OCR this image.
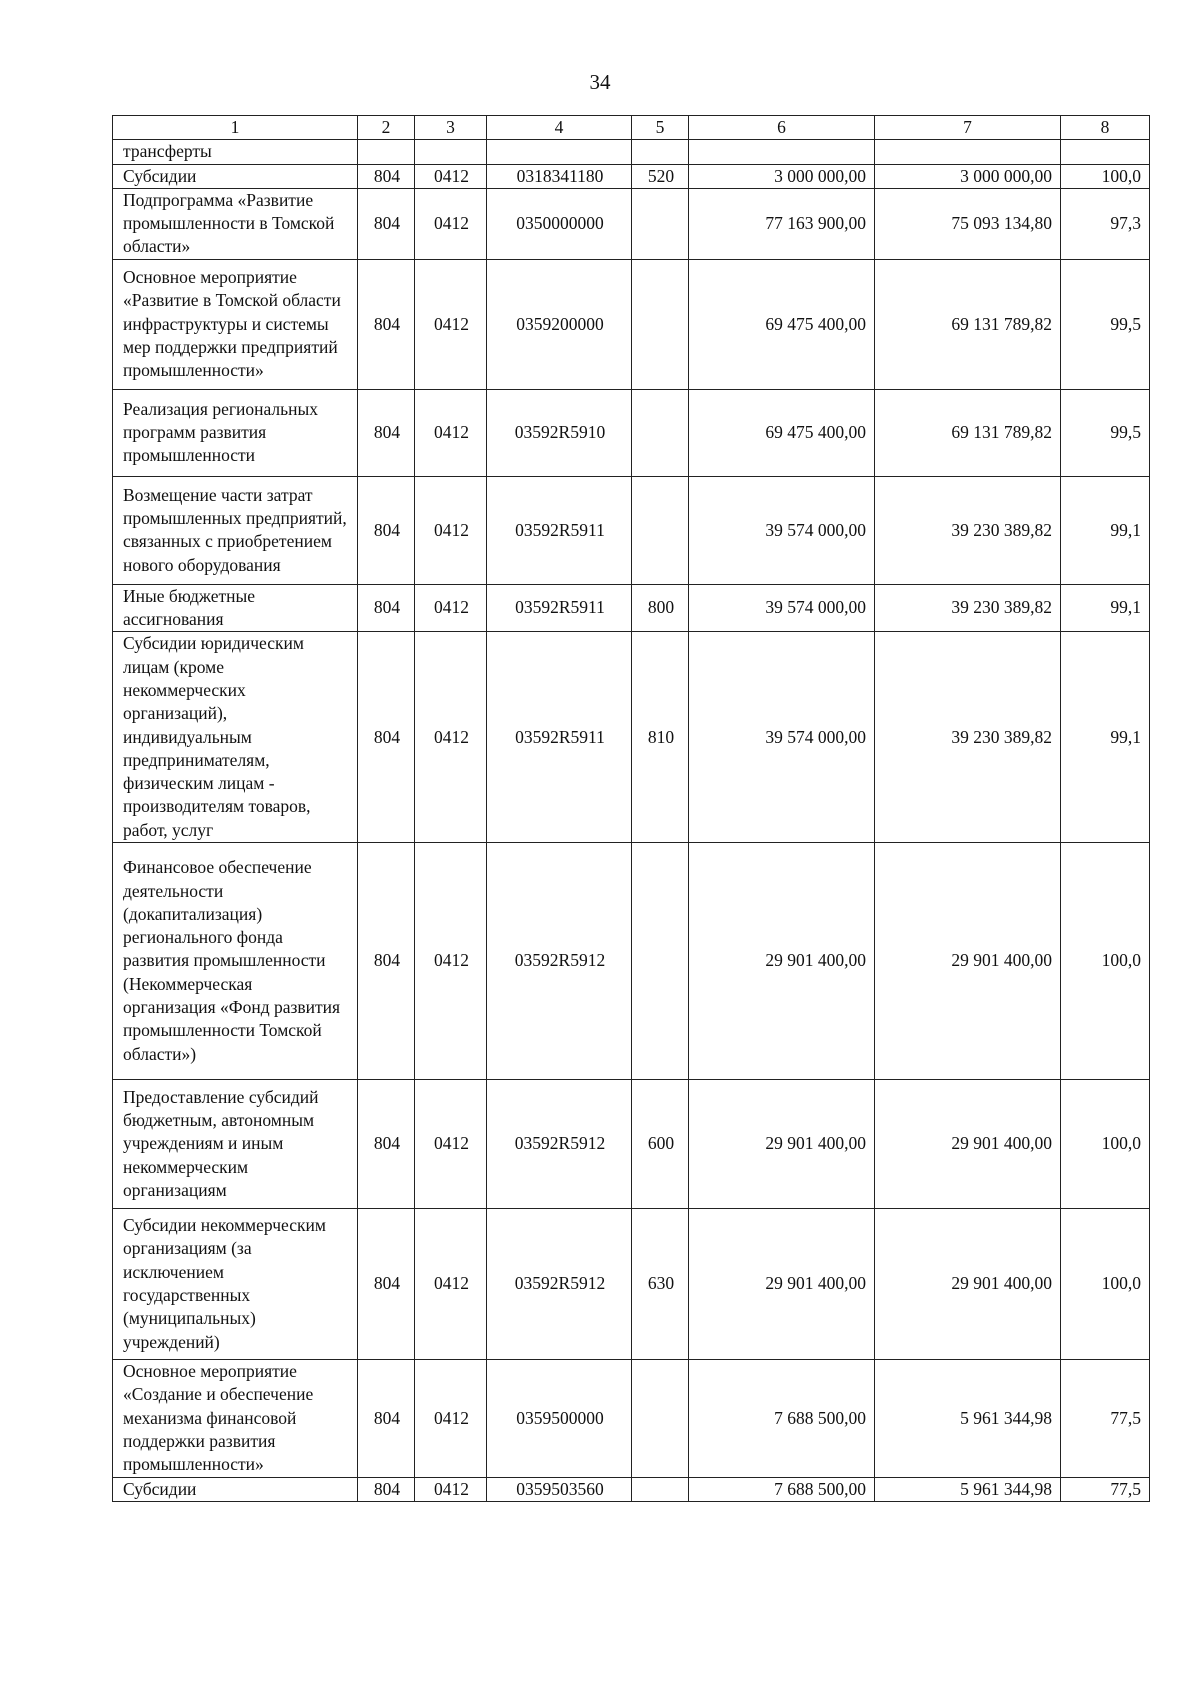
34
1	2	3	4	5	6	7	8
трансферты							
Субсидии	804	0412	0318341180	520	3 000 000,00	3 000 000,00	100,0
Подпрограмма «Развитие промышленности в Томской области»	804	0412	0350000000		77 163 900,00	75 093 134,80	97,3
Основное мероприятие «Развитие в Томской области инфраструктуры и системы мер поддержки предприятий промышленности»	804	0412	0359200000		69 475 400,00	69 131 789,82	99,5
Реализация региональных программ развития промышленности	804	0412	03592R5910		69 475 400,00	69 131 789,82	99,5
Возмещение части затрат промышленных предприятий, связанных с приобретением нового оборудования	804	0412	03592R5911		39 574 000,00	39 230 389,82	99,1
Иные бюджетные ассигнования	804	0412	03592R5911	800	39 574 000,00	39 230 389,82	99,1
Субсидии юридическим лицам (кроме некоммерческих организаций), индивидуальным предпринимателям, физическим лицам - производителям товаров, работ, услуг	804	0412	03592R5911	810	39 574 000,00	39 230 389,82	99,1
Финансовое обеспечение деятельности (докапитализация) регионального фонда развития промышленности (Некоммерческая организация «Фонд развития промышленности Томской области»)	804	0412	03592R5912		29 901 400,00	29 901 400,00	100,0
Предоставление субсидий бюджетным, автономным учреждениям и иным некоммерческим организациям	804	0412	03592R5912	600	29 901 400,00	29 901 400,00	100,0
Субсидии некоммерческим организациям (за исключением государственных (муниципальных) учреждений)	804	0412	03592R5912	630	29 901 400,00	29 901 400,00	100,0
Основное мероприятие «Создание и обеспечение механизма финансовой поддержки развития промышленности»	804	0412	0359500000		7 688 500,00	5 961 344,98	77,5
Субсидии	804	0412	0359503560		7 688 500,00	5 961 344,98	77,5
